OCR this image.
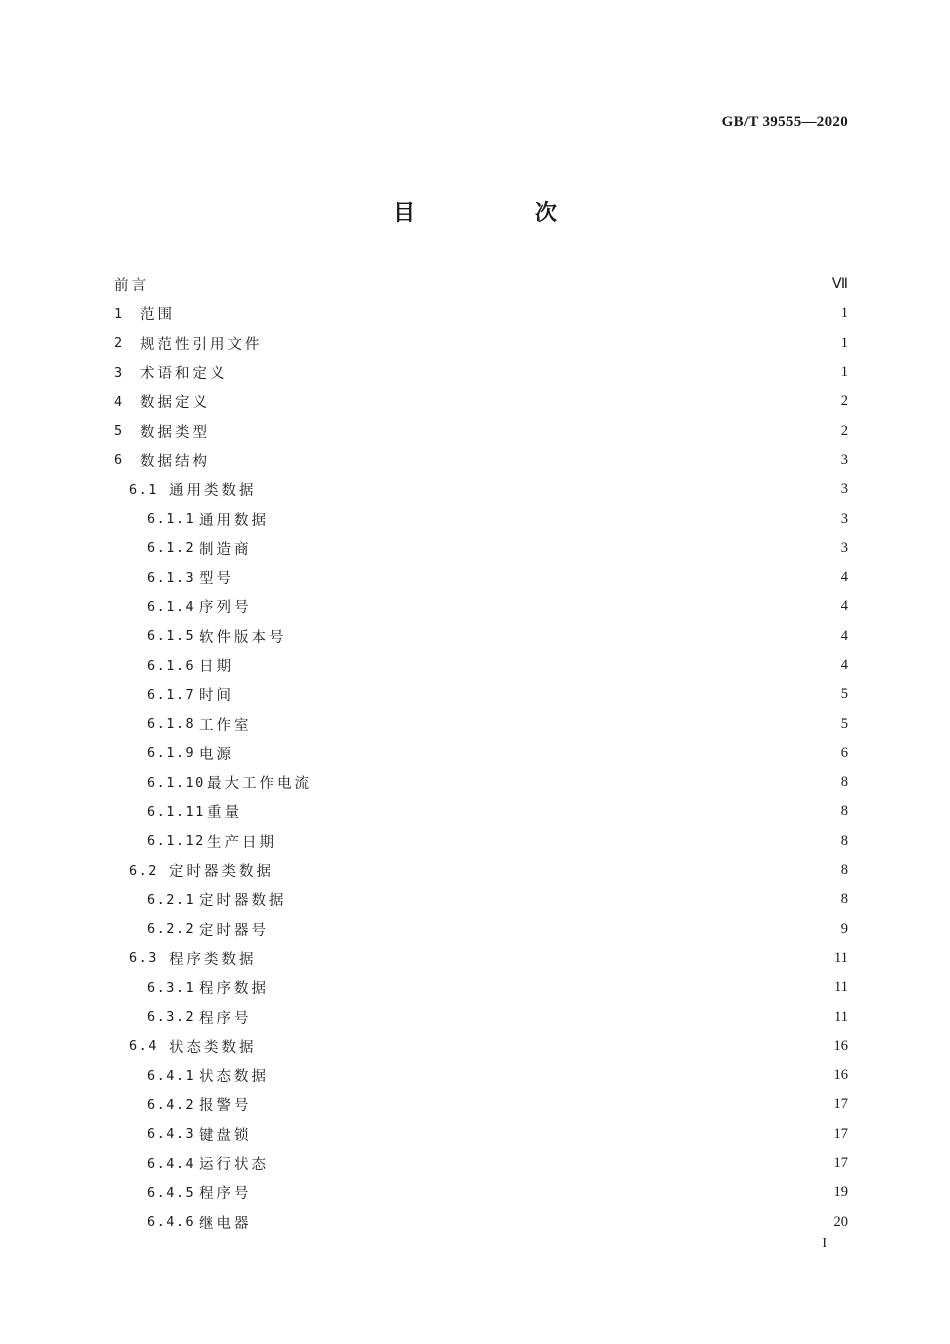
GB/T 39555—2020
目 次
前言	Ⅶ
1	范围	1
2	规范性引用文件	1
3	术语和定义	1
4	数据定义	2
5	数据类型	2
6	数据结构	3
6.1 通用类数据	3
6.1.1 通用数据	3
6.1.2 制造商	3
6.1.3 型号	4
6.1.4 序列号	4
6.1.5 软件版本号	4
6.1.6 日期	4
6.1.7 时间	5
6.1.8 工作室	5
6.1.9 电源	6
6.1.10 最大工作电流	8
6.1.11 重量	8
6.1.12 生产日期	8
6.2 定时器类数据	8
6.2.1 定时器数据	8
6.2.2 定时器号	9
6.3 程序类数据	11
6.3.1 程序数据	11
6.3.2 程序号	11
6.4 状态类数据	16
6.4.1 状态数据	16
6.4.2 报警号	17
6.4.3 键盘锁	17
6.4.4 运行状态	17
6.4.5 程序号	19
6.4.6 继电器	20
I
